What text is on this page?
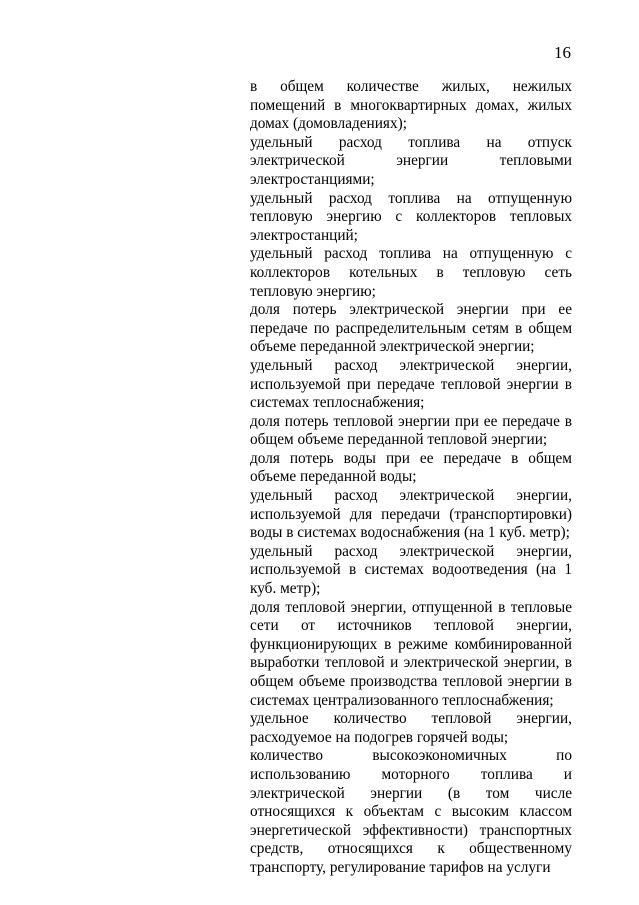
16

в общем количестве жилых, нежилых помещений в многоквартирных домах, жилых домах (домовладениях);

удельный расход топлива на отпуск электрической энергии тепловыми электростанциями;

удельный расход топлива на отпущенную тепловую энергию с коллекторов тепловых электростанций;

удельный расход топлива на отпущенную с коллекторов котельных в тепловую сеть тепловую энергию;

доля потерь электрической энергии при ее передаче по распределительным сетям в общем объеме переданной электрической энергии;

удельный расход электрической энергии, используемой при передаче тепловой энергии в системах теплоснабжения;

доля потерь тепловой энергии при ее передаче в общем объеме переданной тепловой энергии;

доля потерь воды при ее передаче в общем объеме переданной воды;

удельный расход электрической энергии, используемой для передачи (транспортировки) воды в системах водоснабжения (на 1 куб. метр);

удельный расход электрической энергии, используемой в системах водоотведения (на 1 куб. метр);

доля тепловой энергии, отпущенной в тепловые сети от источников тепловой энергии, функционирующих в режиме комбинированной выработки тепловой и электрической энергии, в общем объеме производства тепловой энергии в системах централизованного теплоснабжения;

удельное количество тепловой энергии, расходуемое на подогрев горячей воды;

количество высокоэкономичных по использованию моторного топлива и электрической энергии (в том числе относящихся к объектам с высоким классом энергетической эффективности) транспортных средств, относящихся к общественному транспорту, регулирование тарифов на услуги
